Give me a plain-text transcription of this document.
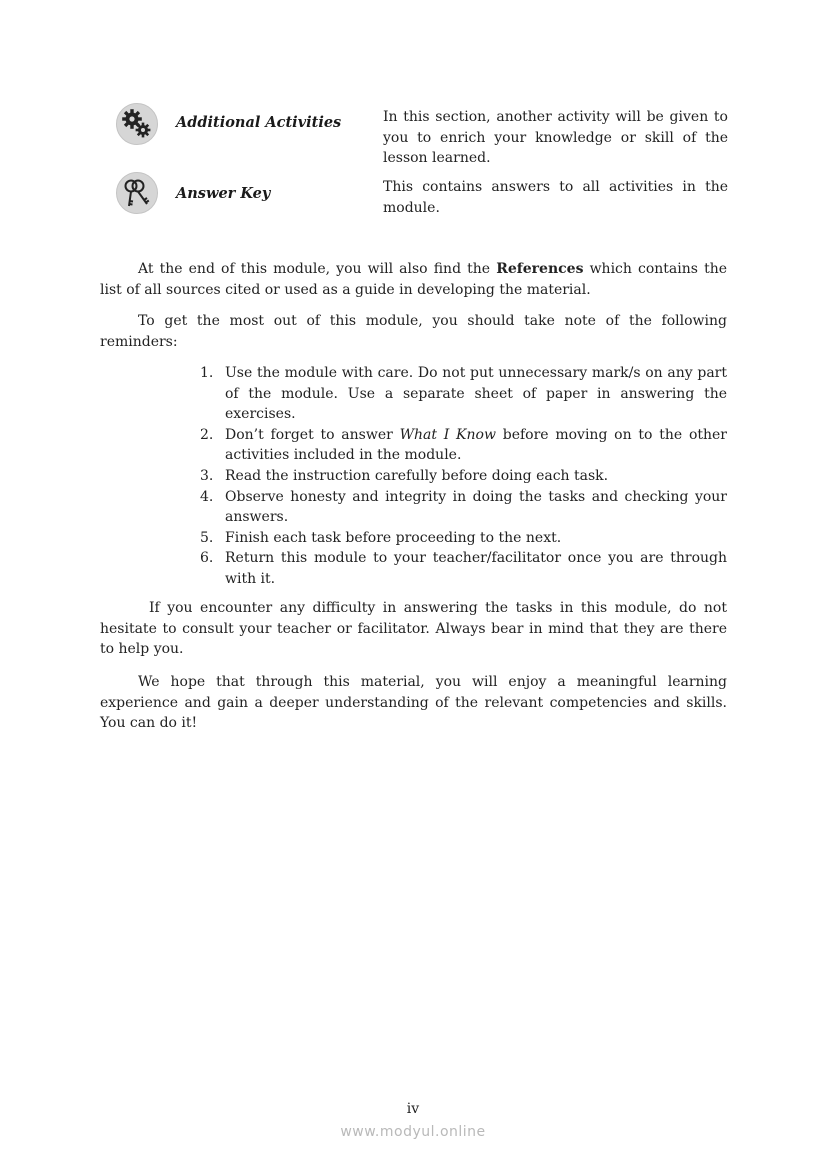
Additional Activities	In this section, another activity will be given to you to enrich your knowledge or skill of the lesson learned.
Answer Key	This contains answers to all activities in the module.

At the end of this module, you will also find the References which contains the list of all sources cited or used as a guide in developing the material.

To get the most out of this module, you should take note of the following reminders:

1. Use the module with care. Do not put unnecessary mark/s on any part of the module. Use a separate sheet of paper in answering the exercises.
2. Don’t forget to answer What I Know before moving on to the other activities included in the module.
3. Read the instruction carefully before doing each task.
4. Observe honesty and integrity in doing the tasks and checking your answers.
5. Finish each task before proceeding to the next.
6. Return this module to your teacher/facilitator once you are through with it.

If you encounter any difficulty in answering the tasks in this module, do not hesitate to consult your teacher or facilitator. Always bear in mind that they are there to help you.

We hope that through this material, you will enjoy a meaningful learning experience and gain a deeper understanding of the relevant competencies and skills. You can do it!

iv
www.modyul.online
